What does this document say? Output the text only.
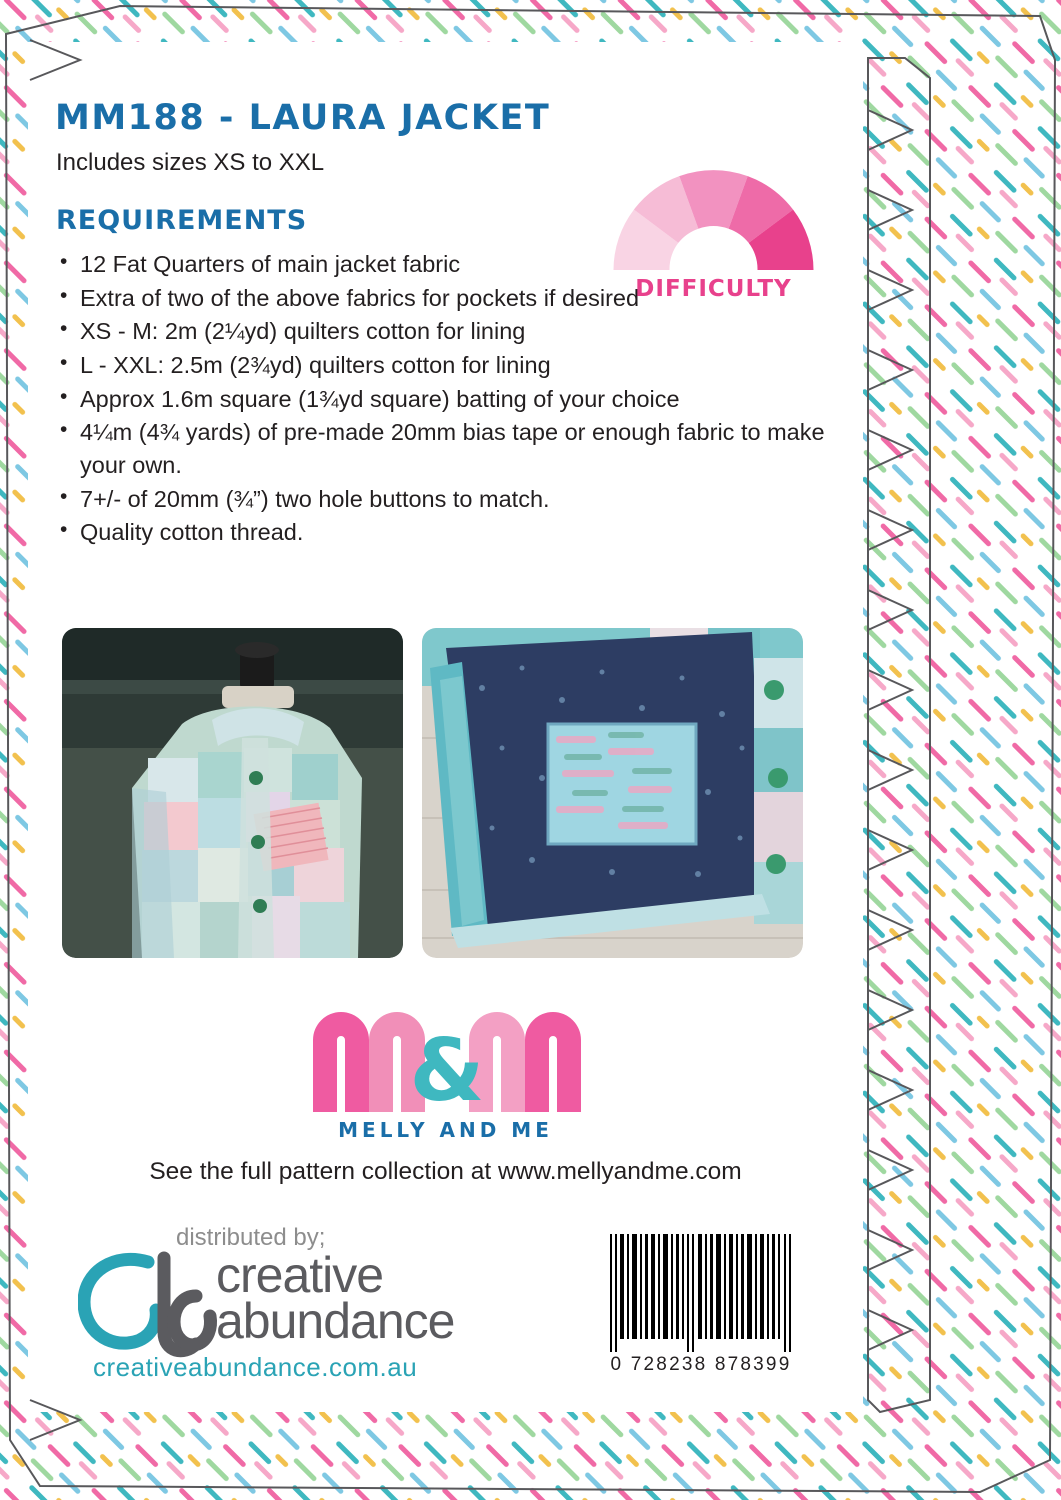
MM188 - LAURA JACKET
Includes sizes XS to XXL
REQUIREMENTS
• 12 Fat Quarters of main jacket fabric
• Extra of two of the above fabrics for pockets if desired
• XS - M: 2m (2¼yd) quilters cotton for lining
• L - XXL: 2.5m (2¾yd) quilters cotton for lining
• Approx 1.6m square (1¾yd square) batting of your choice
• 4¼m (4¾ yards) of pre-made 20mm bias tape or enough fabric to make your own.
• 7+/- of 20mm (¾”) two hole buttons to match.
• Quality cotton thread.
DIFFICULTY
&
MELLY AND ME
See the full pattern collection at www.mellyandme.com
distributed by;
creative
abundance
creativeabundance.com.au	0 728238 878399
